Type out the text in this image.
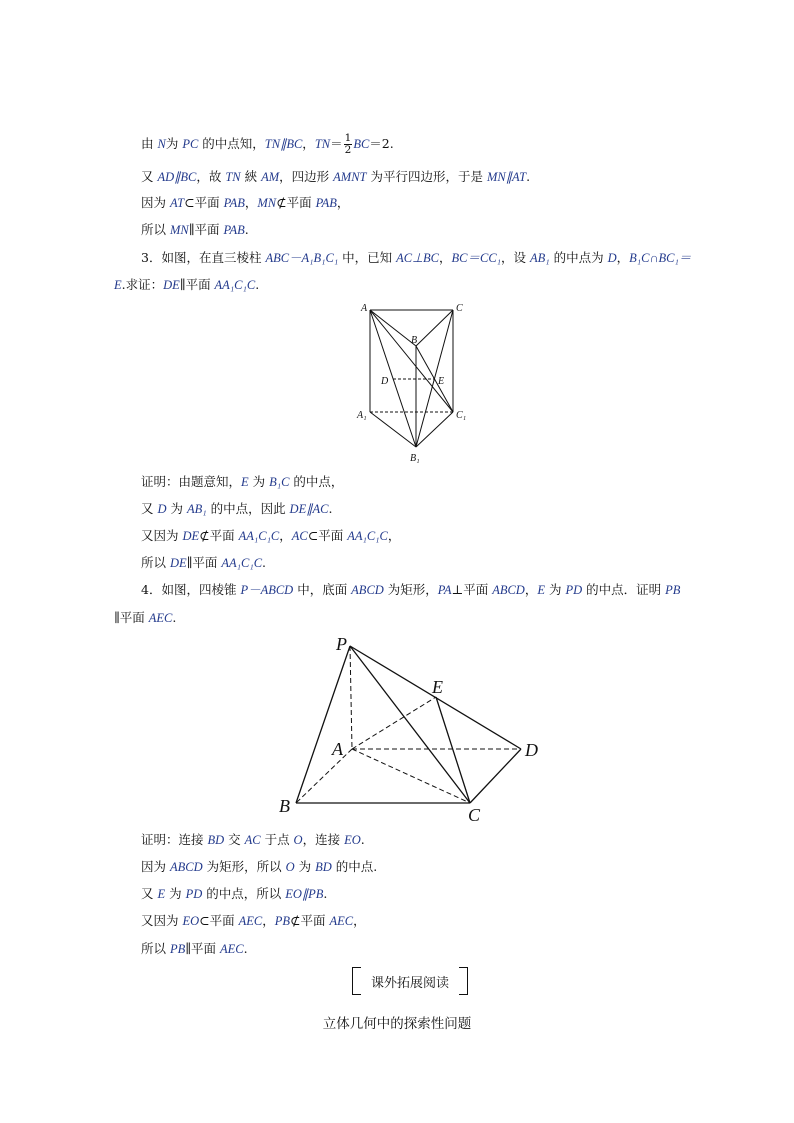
由 N为 PC 的中点知，TN∥BC，$TN= \frac{1}{2} BC=2$.
又 AD∥BC，故 TN 綊 AM，四边形 AMNT 为平行四边形，于是 MN∥AT.
因为 AT⊂平面 PAB，MN⊄平面 PAB，
所以 MN∥平面 PAB.
3．如图，在直三棱柱 ABC－A₁B₁C₁ 中，已知 AC⊥BC，BC＝CC₁，设 AB₁ 的中点为 D，B₁C∩BC₁＝
E.求证：DE∥平面 AA₁C₁C.
A	C
B
D	E
A₁	C₁
B₁
证明：由题意知，E 为 B₁C 的中点，
又 D 为 AB₁ 的中点，因此 DE∥AC.
又因为 DE⊄平面 AA₁C₁C，AC⊂平面 AA₁C₁C，
所以 DE∥平面 AA₁C₁C.
4．如图，四棱锥 P－ABCD 中，底面 ABCD 为矩形，PA⊥平面 ABCD，E 为 PD 的中点．证明 PB
∥平面 AEC.
P
E
A	D
B	C
证明：连接 BD 交 AC 于点 O，连接 EO.
因为 ABCD 为矩形，所以 O 为 BD 的中点.
又 E 为 PD 的中点，所以 EO∥PB.
又因为 EO⊂平面 AEC，PB⊄平面 AEC，
所以 PB∥平面 AEC.
课外拓展阅读
立体几何中的探索性问题
